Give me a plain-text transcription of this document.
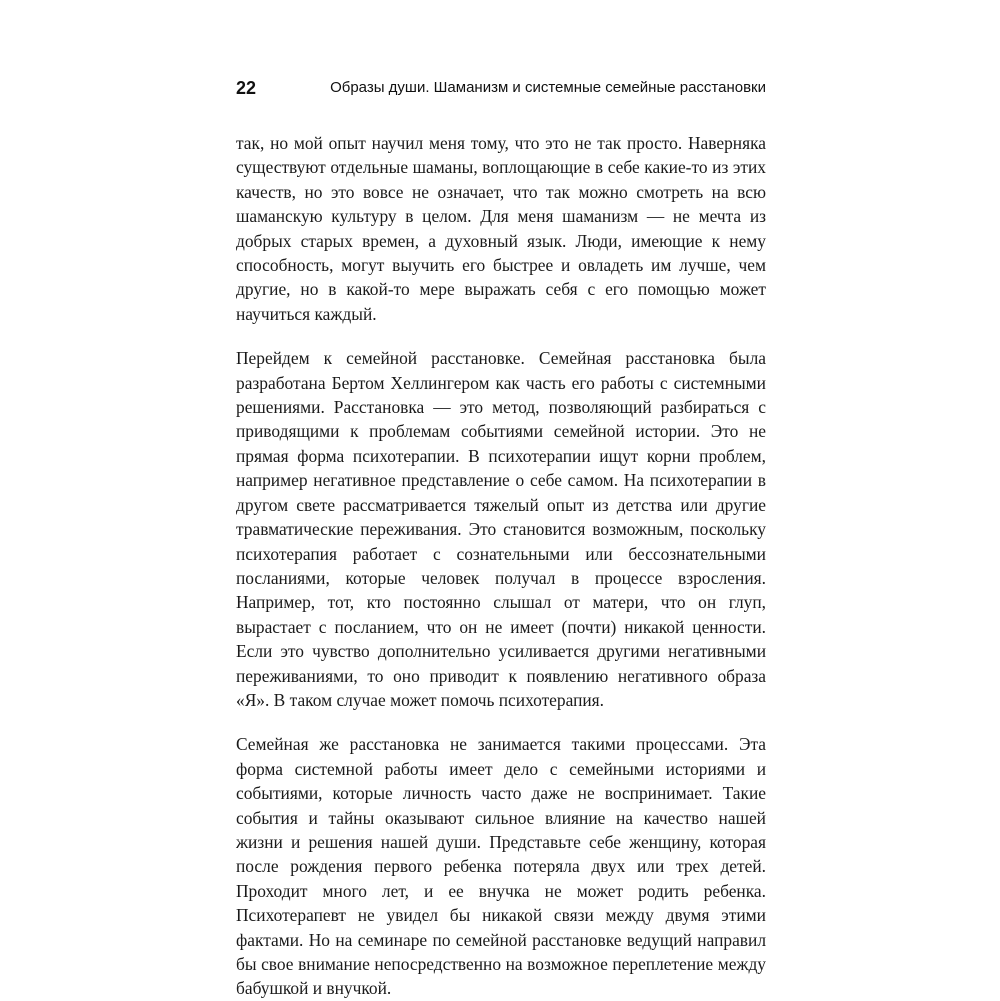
22	Образы души. Шаманизм и системные семейные расстановки

так, но мой опыт научил меня тому, что это не так просто. Наверняка существуют отдельные шаманы, воплощающие в себе какие-то из этих качеств, но это вовсе не означает, что так можно смотреть на всю шаманскую культуру в целом. Для меня шаманизм — не мечта из добрых старых времен, а духовный язык. Люди, имеющие к нему способность, могут выучить его быстрее и овладеть им лучше, чем другие, но в какой-то мере выражать себя с его помощью может научиться каждый.

Перейдем к семейной расстановке. Семейная расстановка была разработана Бертом Хеллингером как часть его работы с системными решениями. Расстановка — это метод, позволяющий разбираться с приводящими к проблемам событиями семейной истории. Это не прямая форма психотерапии. В психотерапии ищут корни проблем, например негативное представление о себе самом. На психотерапии в другом свете рассматривается тяжелый опыт из детства или другие травматические переживания. Это становится возможным, поскольку психотерапия работает с сознательными или бессознательными посланиями, которые человек получал в процессе взросления. Например, тот, кто постоянно слышал от матери, что он глуп, вырастает с посланием, что он не имеет (почти) никакой ценности. Если это чувство дополнительно усиливается другими негативными переживаниями, то оно приводит к появлению негативного образа «Я». В таком случае может помочь психотерапия.

Семейная же расстановка не занимается такими процессами. Эта форма системной работы имеет дело с семейными историями и событиями, которые личность часто даже не воспринимает. Такие события и тайны оказывают сильное влияние на качество нашей жизни и решения нашей души. Представьте себе женщину, которая после рождения первого ребенка потеряла двух или трех детей. Проходит много лет, и ее внучка не может родить ребенка. Психотерапевт не увидел бы никакой связи между двумя этими фактами. Но на семинаре по семейной расстановке ведущий направил бы свое внимание непосредственно на возможное переплетение между бабушкой и внучкой.
